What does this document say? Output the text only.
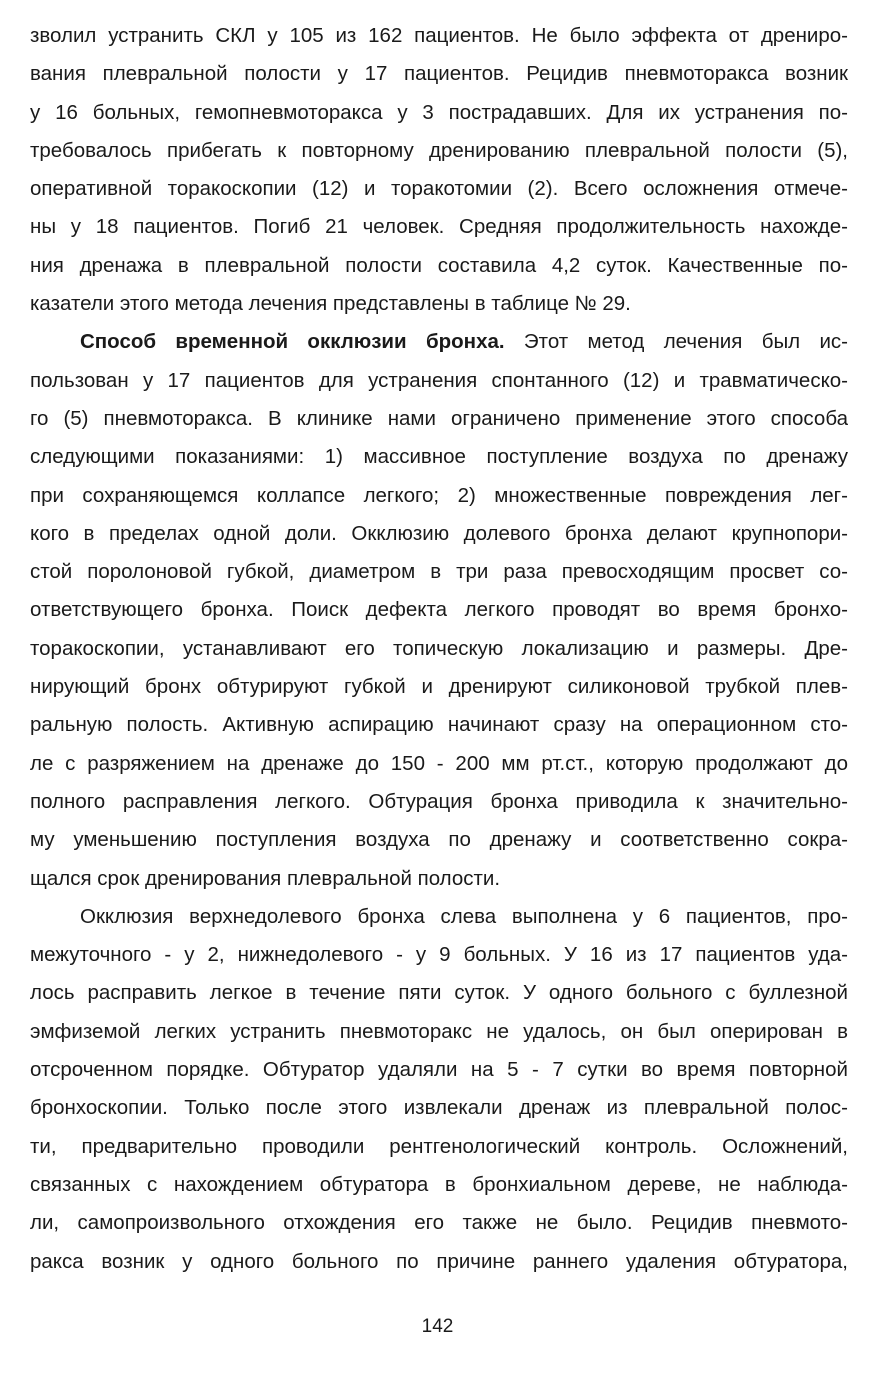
зволил устранить СКЛ у 105 из 162 пациентов. Не было эффекта от дрениро-
вания плевральной полости у 17 пациентов. Рецидив пневмоторакса возник
у 16 больных, гемопневмоторакса у 3 пострадавших. Для их устранения по-
требовалось прибегать к повторному дренированию плевральной полости (5),
оперативной торакоскопии (12) и торакотомии (2). Всего осложнения отмече-
ны у 18 пациентов. Погиб 21 человек. Средняя продолжительность нахожде-
ния дренажа в плевральной полости составила 4,2 суток. Качественные по-
казатели этого метода лечения представлены в таблице № 29.
Способ временной окклюзии бронха. Этот метод лечения был ис-
пользован у 17 пациентов для устранения спонтанного (12) и травматическо-
го (5) пневмоторакса. В клинике нами ограничено применение этого способа
следующими показаниями: 1) массивное поступление воздуха по дренажу
при сохраняющемся коллапсе легкого; 2) множественные повреждения лег-
кого в пределах одной доли. Окклюзию долевого бронха делают крупнопори-
стой поролоновой губкой, диаметром в три раза превосходящим просвет со-
ответствующего бронха. Поиск дефекта легкого проводят во время бронхо-
торакоскопии, устанавливают его топическую локализацию и размеры. Дре-
нирующий бронх обтурируют губкой и дренируют силиконовой трубкой плев-
ральную полость. Активную аспирацию начинают сразу на операционном сто-
ле с разряжением на дренаже до 150 - 200 мм рт.ст., которую продолжают до
полного расправления легкого. Обтурация бронха приводила к значительно-
му уменьшению поступления воздуха по дренажу и соответственно сокра-
щался срок дренирования плевральной полости.
Окклюзия верхнедолевого бронха слева выполнена у 6 пациентов, про-
межуточного - у 2, нижнедолевого - у 9 больных. У 16 из 17 пациентов уда-
лось расправить легкое в течение пяти суток. У одного больного с буллезной
эмфиземой легких устранить пневмоторакс не удалось, он был оперирован в
отсроченном порядке. Обтуратор удаляли на 5 - 7 сутки во время повторной
бронхоскопии. Только после этого извлекали дренаж из плевральной полос-
ти, предварительно проводили рентгенологический контроль. Осложнений,
связанных с нахождением обтуратора в бронхиальном дереве, не наблюда-
ли, самопроизвольного отхождения его также не было. Рецидив пневмото-
ракса возник у одного больного по причине раннего удаления обтуратора,
142
